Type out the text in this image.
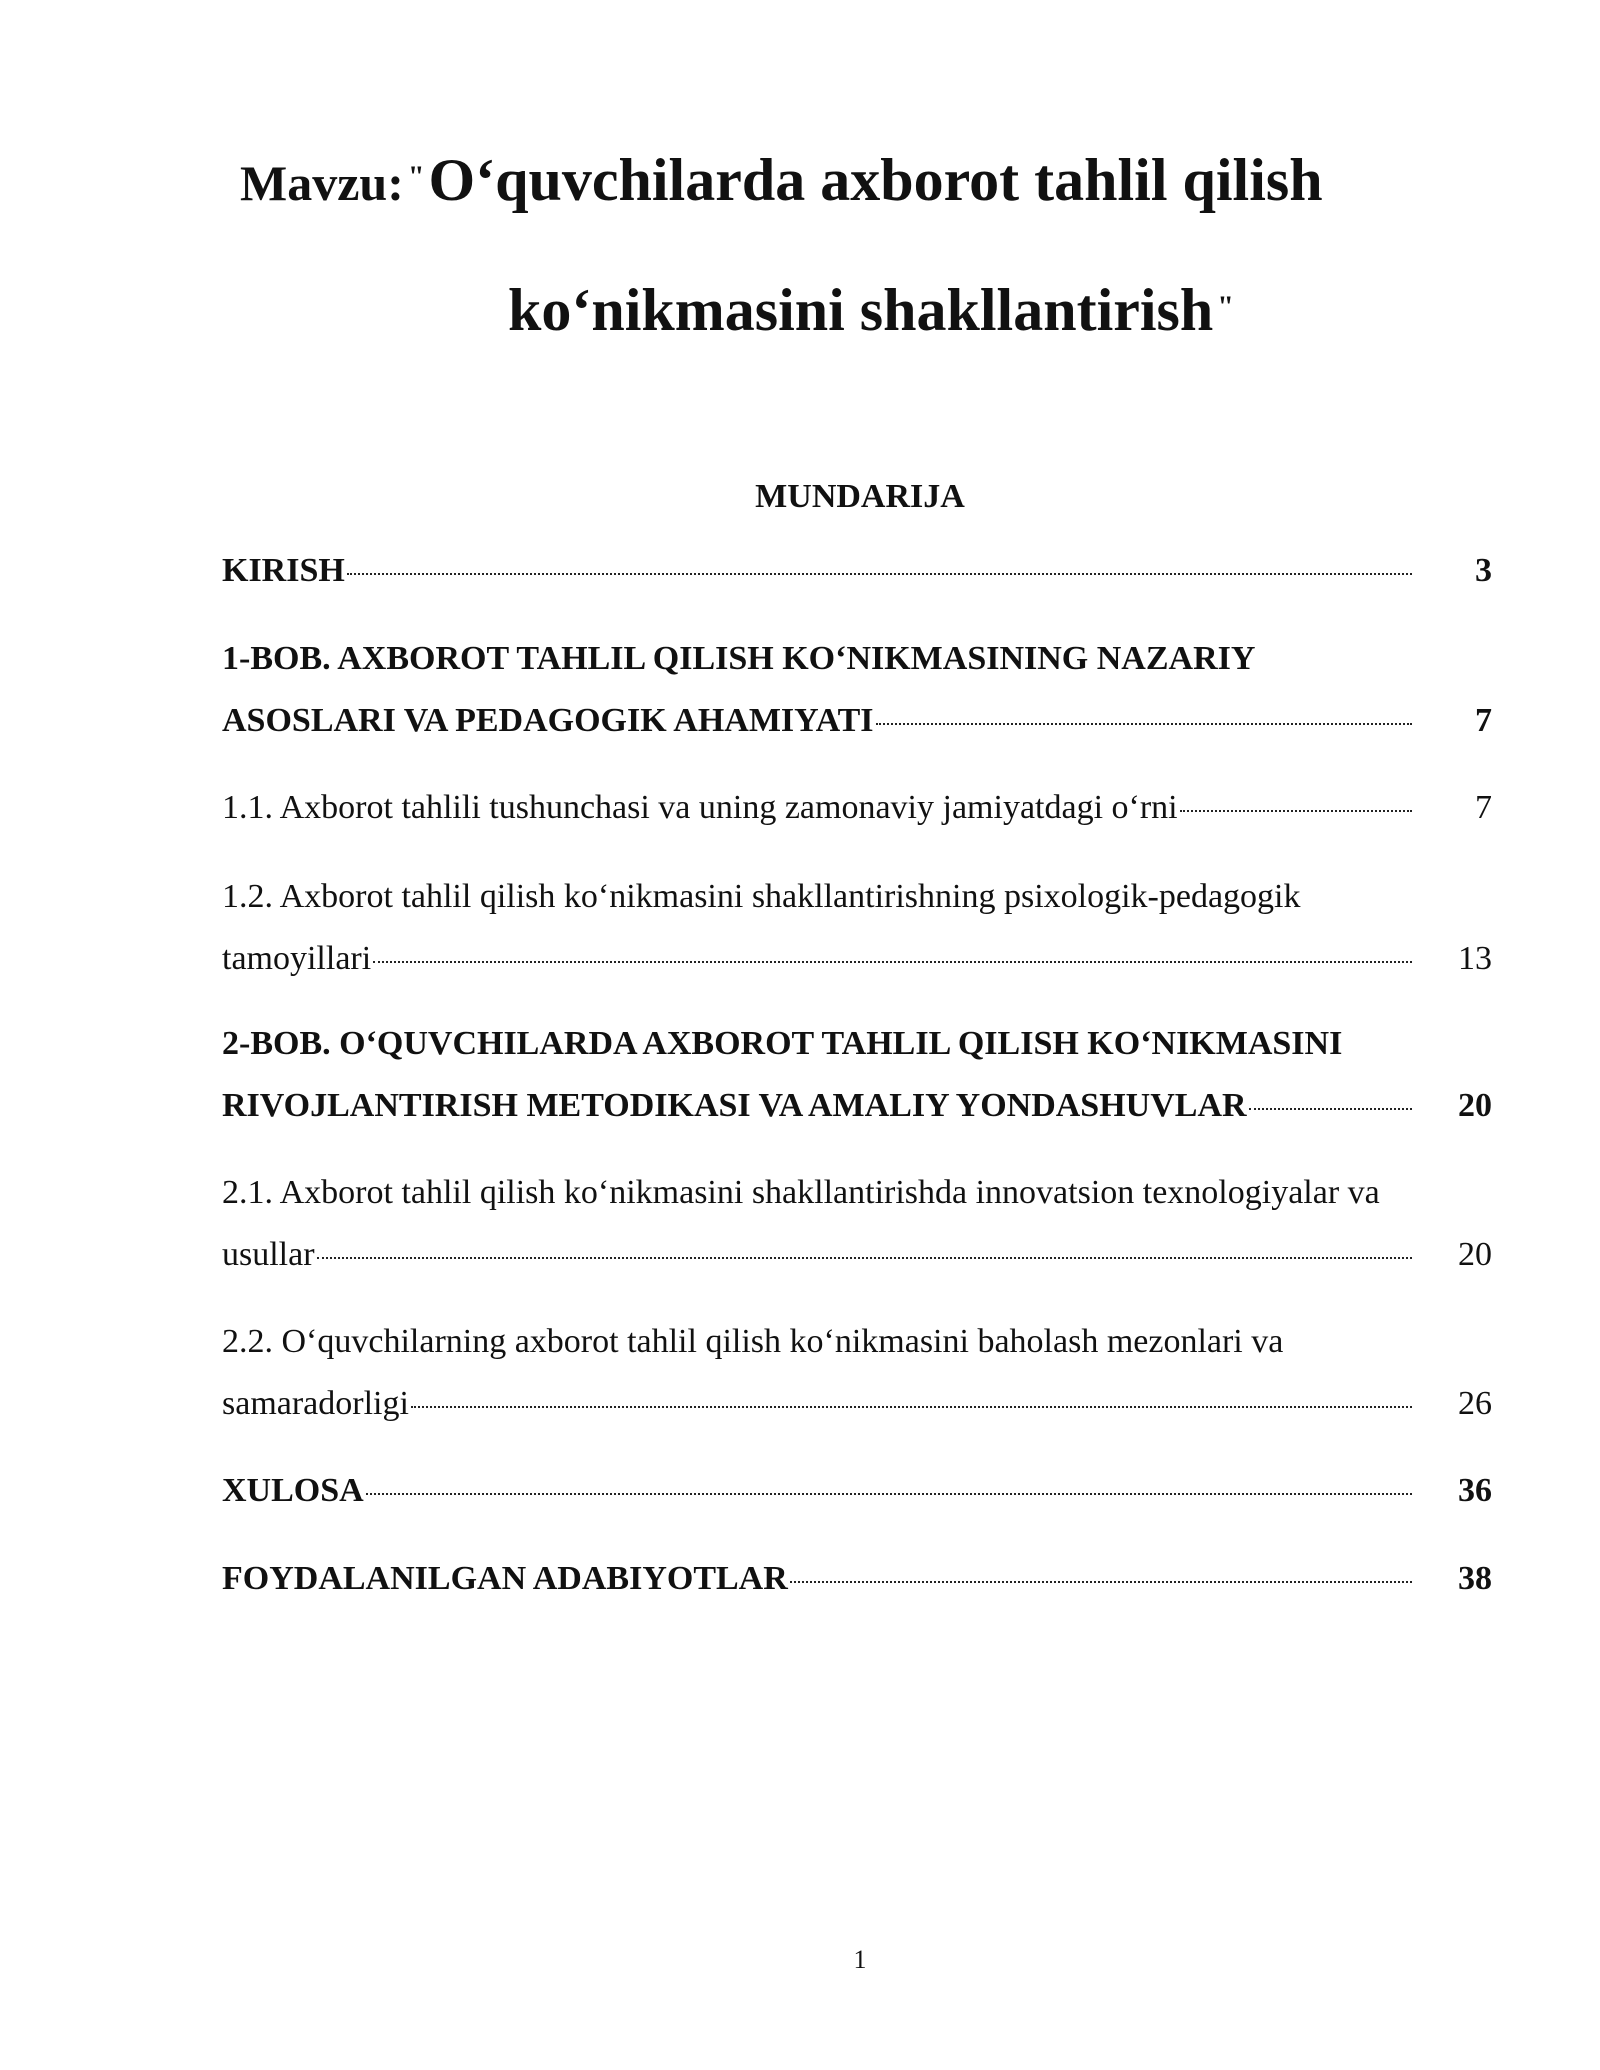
Mavzu: " O‘quvchilarda axborot tahlil qilish
ko‘nikmasini shakllantirish "
MUNDARIJA
KIRISH	3
1-BOB. AXBOROT TAHLIL QILISH KO‘NIKMASINING NAZARIY
ASOSLARI VA PEDAGOGIK AHAMIYATI	7
1.1. Axborot tahlili tushunchasi va uning zamonaviy jamiyatdagi o‘rni	7
1.2. Axborot tahlil qilish ko‘nikmasini shakllantirishning psixologik-pedagogik
tamoyillari	13
2-BOB. O‘QUVCHILARDA AXBOROT TAHLIL QILISH KO‘NIKMASINI
RIVOJLANTIRISH METODIKASI VA AMALIY YONDASHUVLAR	20
2.1. Axborot tahlil qilish ko‘nikmasini shakllantirishda innovatsion texnologiyalar va
usullar	20
2.2. O‘quvchilarning axborot tahlil qilish ko‘nikmasini baholash mezonlari va
samaradorligi	26
XULOSA	36
FOYDALANILGAN ADABIYOTLAR	38
1
